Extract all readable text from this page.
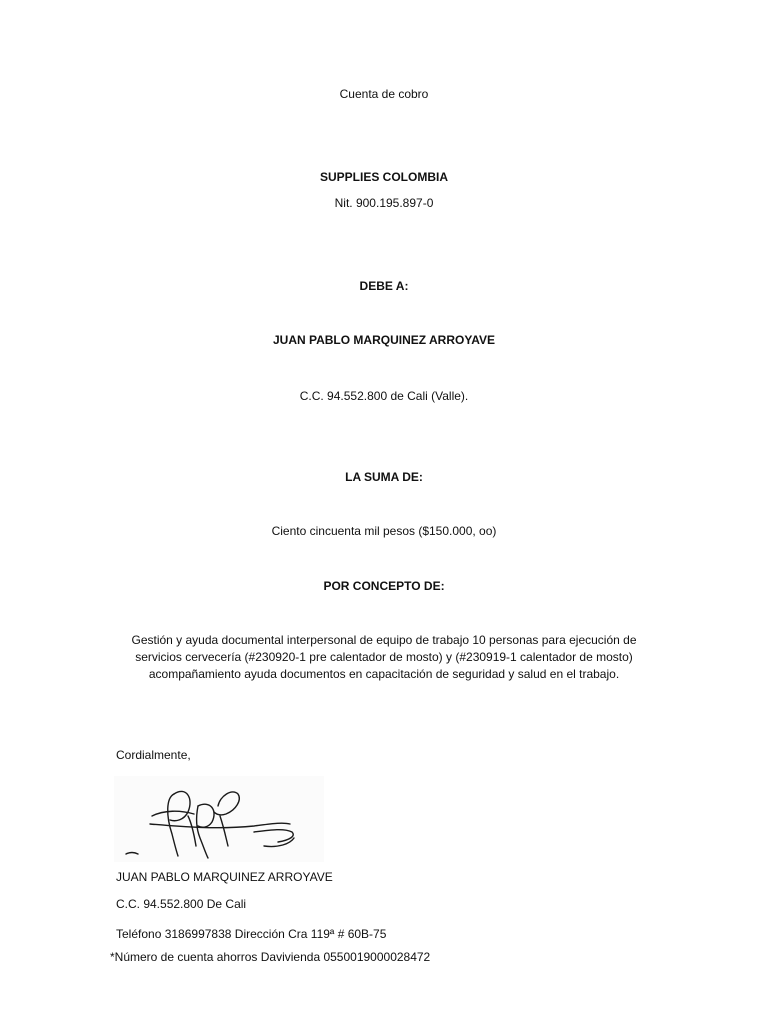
Cuenta de cobro
SUPPLIES COLOMBIA
Nit. 900.195.897-0
DEBE A:
JUAN PABLO MARQUINEZ ARROYAVE
C.C. 94.552.800 de Cali (Valle).
LA SUMA DE:
Ciento cincuenta mil pesos ($150.000, oo)
POR CONCEPTO DE:
Gestión y ayuda documental interpersonal de equipo de trabajo 10 personas para ejecución de
servicios cervecería (#230920-1 pre calentador de mosto) y (#230919-1 calentador de mosto)
acompañamiento ayuda documentos en capacitación de seguridad y salud en el trabajo.
Cordialmente,
JUAN PABLO MARQUINEZ ARROYAVE
C.C. 94.552.800 De Cali
Teléfono 3186997838 Dirección Cra 119ª # 60B-75
*Número de cuenta ahorros Davivienda 0550019000028472
